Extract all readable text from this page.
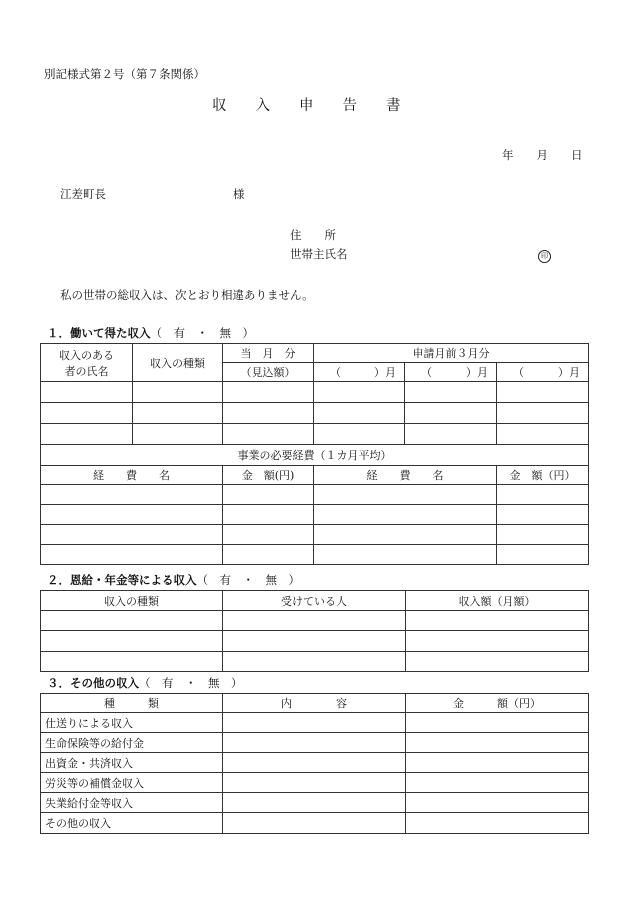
別記様式第２号（第７条関係）
収　　入　　申　　告　　書
年　　月　　日
江差町長	様
住　　所
世帯主氏名	印
私の世帯の総収入は、次とおり相違ありません。
１．働いて得た収入（　有　・　無　）
収入のある
者の氏名	収入の種類	当　月　分	申請月前３月分		
		（見込額）	（ ）月	（ ）月	（ ）月

事業の必要経費（１カ月平均）					
経　　費　　名		金　額(円)	経　　費　　名		金　額（円）

２．恩給・年金等による収入（　有　・　無　）
収入の種類	受けている人	収入額（月額）

３．その他の収入（　有　・　無　）
種　　　類	内　　　　容	金　　　額（円）
仕送りによる収入		
生命保険等の給付金		
出資金・共済収入		
労災等の補償金収入		
失業給付金等収入		
その他の収入		
